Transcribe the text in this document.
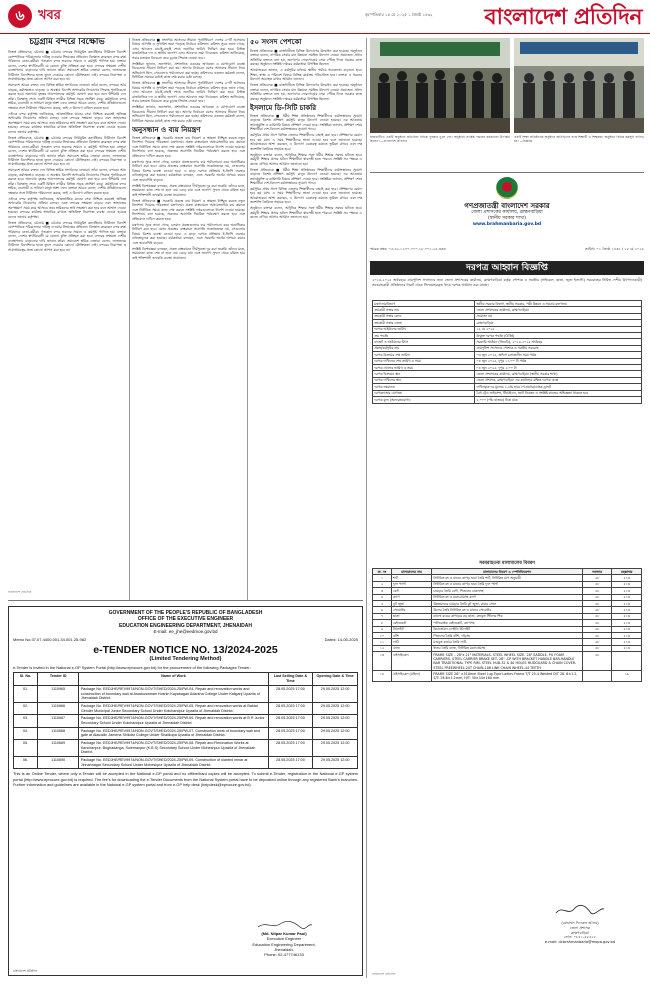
৬	খবর	বৃহস্পতিবার ১৫ মে ২০২৫ ১ জ্যৈষ্ঠ ১৪৩২ বাংলাদেশ প্রতিদিন
চট্টগ্রাম বন্দরে বিক্ষোভ

নিজস্ব প্রতিবেদক, চট্টগ্রাম ■ চট্টগ্রাম বন্দরের নিউমুরিং কনটেইনার টার্মিনাল বিদেশি কোম্পানিকে পরিচালনার দায়িত্ব দেওয়ার সিদ্ধান্তের প্রতিবাদে বিক্ষোভ করেছেন বন্দর রক্ষা পরিষদের নেতা-কর্মীরা। গতকাল বন্দর ভবনের সামনে এ কর্মসূচি পালিত হয়। বক্তারা বলেন, দেশের স্বার্থবিরোধী যে কোনো চুক্তি প্রতিহত করা হবে। বন্দরের সক্ষমতা দেশীয় ব্যবস্থাপনায় বাড়ানোর দাবি জানান তাঁরা। সমাবেশে শ্রমিক নেতারা বলেন, লাভজনক টার্মিনাল বিদেশিদের হাতে তুলে দেওয়ার কোনো যৌক্তিকতা নেই। বন্দরের নিরাপত্তা ও সার্বভৌমত্বের প্রশ্নে কোনো আপস করা হবে না।

সমাবেশে আরও বক্তব্য দেন বিভিন্ন শ্রমিক সংগঠনের নেতারা। তাঁরা বলেন, বন্দরের আয় বাড়ছে, কর্মদক্ষতাও বাড়ছে। এ অবস্থায় বিদেশি অপারেটর নিয়োগের সিদ্ধান্ত পুনর্বিবেচনা করতে হবে। অন্যথায় বৃহত্তর আন্দোলনের কর্মসূচি ঘোষণা করা হবে বলে হুঁশিয়ারি দেন তাঁরা। বিক্ষোভ শেষে একটি মিছিল নগরীর বিভিন্ন সড়ক প্রদক্ষিণ করে। কর্মসূচিতে বন্দর শ্রমিক, ব্যবসায়ী ও সাধারণ মানুষ অংশ নেন। বক্তারা আরও বলেন, দেশীয় প্রতিষ্ঠানগুলো দক্ষতার সঙ্গে টার্মিনাল পরিচালনা করছে, তাই এ উদ্যোগ বাতিল করতে হবে।

এদিকে বন্দর কর্তৃপক্ষ জানিয়েছে, আন্তর্জাতিক মানের সেবা নিশ্চিত করতেই অভিজ্ঞ অপারেটর নিয়োগের প্রক্রিয়া চলছে। এতে বন্দরের সক্ষমতা বাড়বে এবং জাহাজের অপেক্ষমাণ সময় কমে আসবে। তবে শ্রমিকদের স্বার্থ সংরক্ষণ করা হবে বলে আশ্বাস দেওয়া হয়েছে। বন্দরের কার্যক্রম স্বাভাবিক রাখতে অতিরিক্ত নিরাপত্তা ব্যবস্থা নেওয়া হয়েছে বলেও জানায় কর্তৃপক্ষ।

নিজস্ব প্রতিবেদক, চট্টগ্রাম ■ চট্টগ্রাম বন্দরের নিউমুরিং কনটেইনার টার্মিনাল বিদেশি কোম্পানিকে পরিচালনার দায়িত্ব দেওয়ার সিদ্ধান্তের প্রতিবাদে বিক্ষোভ করেছেন বন্দর রক্ষা পরিষদের নেতা-কর্মীরা। গতকাল বন্দর ভবনের সামনে এ কর্মসূচি পালিত হয়। বক্তারা বলেন, দেশের স্বার্থবিরোধী যে কোনো চুক্তি প্রতিহত করা হবে। বন্দরের সক্ষমতা দেশীয় ব্যবস্থাপনায় বাড়ানোর দাবি জানান তাঁরা। সমাবেশে শ্রমিক নেতারা বলেন, লাভজনক টার্মিনাল বিদেশিদের হাতে তুলে দেওয়ার কোনো যৌক্তিকতা নেই। বন্দরের নিরাপত্তা ও সার্বভৌমত্বের প্রশ্নে কোনো আপস করা হবে না।

সমাবেশে আরও বক্তব্য দেন বিভিন্ন শ্রমিক সংগঠনের নেতারা। তাঁরা বলেন, বন্দরের আয় বাড়ছে, কর্মদক্ষতাও বাড়ছে। এ অবস্থায় বিদেশি অপারেটর নিয়োগের সিদ্ধান্ত পুনর্বিবেচনা করতে হবে। অন্যথায় বৃহত্তর আন্দোলনের কর্মসূচি ঘোষণা করা হবে বলে হুঁশিয়ারি দেন তাঁরা। বিক্ষোভ শেষে একটি মিছিল নগরীর বিভিন্ন সড়ক প্রদক্ষিণ করে। কর্মসূচিতে বন্দর শ্রমিক, ব্যবসায়ী ও সাধারণ মানুষ অংশ নেন। বক্তারা আরও বলেন, দেশীয় প্রতিষ্ঠানগুলো দক্ষতার সঙ্গে টার্মিনাল পরিচালনা করছে, তাই এ উদ্যোগ বাতিল করতে হবে।

এদিকে বন্দর কর্তৃপক্ষ জানিয়েছে, আন্তর্জাতিক মানের সেবা নিশ্চিত করতেই অভিজ্ঞ অপারেটর নিয়োগের প্রক্রিয়া চলছে। এতে বন্দরের সক্ষমতা বাড়বে এবং জাহাজের অপেক্ষমাণ সময় কমে আসবে। তবে শ্রমিকদের স্বার্থ সংরক্ষণ করা হবে বলে আশ্বাস দেওয়া হয়েছে। বন্দরের কার্যক্রম স্বাভাবিক রাখতে অতিরিক্ত নিরাপত্তা ব্যবস্থা নেওয়া হয়েছে বলেও জানায় কর্তৃপক্ষ।

নিজস্ব প্রতিবেদক, চট্টগ্রাম ■ চট্টগ্রাম বন্দরের নিউমুরিং কনটেইনার টার্মিনাল বিদেশি কোম্পানিকে পরিচালনার দায়িত্ব দেওয়ার সিদ্ধান্তের প্রতিবাদে বিক্ষোভ করেছেন বন্দর রক্ষা পরিষদের নেতা-কর্মীরা। গতকাল বন্দর ভবনের সামনে এ কর্মসূচি পালিত হয়। বক্তারা বলেন, দেশের স্বার্থবিরোধী যে কোনো চুক্তি প্রতিহত করা হবে। বন্দরের সক্ষমতা দেশীয় ব্যবস্থাপনায় বাড়ানোর দাবি জানান তাঁরা। সমাবেশে শ্রমিক নেতারা বলেন, লাভজনক টার্মিনাল বিদেশিদের হাতে তুলে দেওয়ার কোনো যৌক্তিকতা নেই। বন্দরের নিরাপত্তা ও সার্বভৌমত্বের প্রশ্নে কোনো আপস করা হবে না।

নিজস্ব প্রতিবেদক ■ সংসদীয় আসনের সীমানা পুনর্নির্ধারণে দেশের ৫০টি আসনের বিষয়ে আপত্তি ও সুপারিশ জমা পড়েছে নির্বাচন কমিশনে। কমিশন সূত্রে জানা গেছে, এসব আবেদন যাচাই-বাছাই শেষে শুনানির তারিখ নির্ধারণ করা হবে। বিভিন্ন রাজনৈতিক দল ও স্থানীয় জনগণ এসব আবেদন জমা দিয়েছেন। কমিশন জানিয়েছে, সবার মতামত বিবেচনা করে চূড়ান্ত সিদ্ধান্ত নেওয়া হবে।

সংশ্লিষ্টরা জানান, জনসংখ্যা, প্রশাসনিক এককের অখণ্ডতা ও যোগাযোগ ব্যবস্থা বিবেচনায় সীমানা নির্ধারণ করা হয়। আগের নির্বাচনে যেসব আসনের সীমানা নিয়ে অভিযোগ ছিল, সেগুলোও পর্যালোচনা করা হচ্ছে। কমিশনের একজন কর্মকর্তা বলেন, নির্ধারিত সময়ের মধ্যেই কাজ শেষ করার চেষ্টা চলছে।

নিজস্ব প্রতিবেদক ■ সংসদীয় আসনের সীমানা পুনর্নির্ধারণে দেশের ৫০টি আসনের বিষয়ে আপত্তি ও সুপারিশ জমা পড়েছে নির্বাচন কমিশনে। কমিশন সূত্রে জানা গেছে, এসব আবেদন যাচাই-বাছাই শেষে শুনানির তারিখ নির্ধারণ করা হবে। বিভিন্ন রাজনৈতিক দল ও স্থানীয় জনগণ এসব আবেদন জমা দিয়েছেন। কমিশন জানিয়েছে, সবার মতামত বিবেচনা করে চূড়ান্ত সিদ্ধান্ত নেওয়া হবে।

সংশ্লিষ্টরা জানান, জনসংখ্যা, প্রশাসনিক এককের অখণ্ডতা ও যোগাযোগ ব্যবস্থা বিবেচনায় সীমানা নির্ধারণ করা হয়। আগের নির্বাচনে যেসব আসনের সীমানা নিয়ে অভিযোগ ছিল, সেগুলোও পর্যালোচনা করা হচ্ছে। কমিশনের একজন কর্মকর্তা বলেন, নির্ধারিত সময়ের মধ্যেই কাজ শেষ করার চেষ্টা চলছে।

অনুসন্ধান ও ব্যয় নিয়ন্ত্রণ

নিজস্ব প্রতিবেদক ■ সরকারি প্রকল্পে ব্যয় নিয়ন্ত্রণ ও স্বচ্ছতা নিশ্চিত করতে নতুন নির্দেশনা দিয়েছে পরিকল্পনা মন্ত্রণালয়। প্রকল্প বাস্তবায়নে অপ্রয়োজনীয় ব্যয় কমাতে এবং নির্ধারিত সময়ে কাজ শেষ করতে সংশ্লিষ্ট দপ্তরগুলোকে নির্দেশ দেওয়া হয়েছে। নির্দেশনায় বলা হয়েছে, প্রকল্পের অগ্রগতি নিয়মিত পর্যবেক্ষণ করতে হবে এবং প্রতিবেদন দাখিল করতে হবে।

মন্ত্রণালয় সূত্রে জানা গেছে, চলমান প্রকল্পগুলোর ব্যয় পর্যালোচনা করে অগ্রাধিকার নির্ধারণ করা হবে। যেসব প্রকল্পের বাস্তবায়ন অগ্রগতি সন্তোষজনক নয়, সেগুলোর বিষয়ে বিশেষ ব্যবস্থা নেওয়া হবে। এ ছাড়া দরপত্র প্রক্রিয়ায় ই-জিপি ব্যবহার বাধ্যতামূলক করা হয়েছে। কর্মকর্তারা বলছেন, এতে সরকারি অর্থের অপচয় কমবে এবং জবাবদিহি বাড়বে।

সংশ্লিষ্ট বিশেষজ্ঞরা বলছেন, প্রকল্প বাস্তবায়নে দীর্ঘসূত্রতা দূর করা জরুরি। তাঁদের মতে, সময়মতো কাজ শেষ না হলে ব্যয় বেড়ে যায় এবং জনগণ সুফল থেকে বঞ্চিত হয়। তাই শক্তিশালী তদারকি ব্যবস্থা প্রয়োজন।

নিজস্ব প্রতিবেদক ■ সরকারি প্রকল্পে ব্যয় নিয়ন্ত্রণ ও স্বচ্ছতা নিশ্চিত করতে নতুন নির্দেশনা দিয়েছে পরিকল্পনা মন্ত্রণালয়। প্রকল্প বাস্তবায়নে অপ্রয়োজনীয় ব্যয় কমাতে এবং নির্ধারিত সময়ে কাজ শেষ করতে সংশ্লিষ্ট দপ্তরগুলোকে নির্দেশ দেওয়া হয়েছে। নির্দেশনায় বলা হয়েছে, প্রকল্পের অগ্রগতি নিয়মিত পর্যবেক্ষণ করতে হবে এবং প্রতিবেদন দাখিল করতে হবে।

মন্ত্রণালয় সূত্রে জানা গেছে, চলমান প্রকল্পগুলোর ব্যয় পর্যালোচনা করে অগ্রাধিকার নির্ধারণ করা হবে। যেসব প্রকল্পের বাস্তবায়ন অগ্রগতি সন্তোষজনক নয়, সেগুলোর বিষয়ে বিশেষ ব্যবস্থা নেওয়া হবে। এ ছাড়া দরপত্র প্রক্রিয়ায় ই-জিপি ব্যবহার বাধ্যতামূলক করা হয়েছে। কর্মকর্তারা বলছেন, এতে সরকারি অর্থের অপচয় কমবে এবং জবাবদিহি বাড়বে।

সংশ্লিষ্ট বিশেষজ্ঞরা বলছেন, প্রকল্প বাস্তবায়নে দীর্ঘসূত্রতা দূর করা জরুরি। তাঁদের মতে, সময়মতো কাজ শেষ না হলে ব্যয় বেড়ে যায় এবং জনগণ সুফল থেকে বঞ্চিত হয়। তাই শক্তিশালী তদারকি ব্যবস্থা প্রয়োজন।

৫০ সংসদ পেশকো

নিজস্ব প্রতিবেদক ■ রাজধানীতে বিভিন্ন উদ্যোগের উদ্বোধন করা হয়েছে। অনুষ্ঠানে বক্তারা বলেন, নাগরিক সেবার মান উন্নয়নে সমন্বিত উদ্যোগ নেওয়া প্রয়োজন। প্রধান অতিথির বক্তব্যে বলা হয়, জনগণের দোরগোড়ায় সেবা পৌঁছে দিতে সরকার কাজ করছে। অনুষ্ঠানে সংশ্লিষ্ট দপ্তরের কর্মকর্তারা উপস্থিত ছিলেন।

আয়োজকরা জানান, এ কর্মসূচির মাধ্যমে স্থানীয় পর্যায়ে সচেতনতা বাড়ানো হবে। শিক্ষা, স্বাস্থ্য ও পরিবেশ বিষয়ে বিভিন্ন কার্যক্রম পরিচালিত হবে। বক্তারা এ ধরনের উদ্যোগ অব্যাহত রাখার আহ্বান জানান।

নিজস্ব প্রতিবেদক ■ রাজধানীতে বিভিন্ন উদ্যোগের উদ্বোধন করা হয়েছে। অনুষ্ঠানে বক্তারা বলেন, নাগরিক সেবার মান উন্নয়নে সমন্বিত উদ্যোগ নেওয়া প্রয়োজন। প্রধান অতিথির বক্তব্যে বলা হয়, জনগণের দোরগোড়ায় সেবা পৌঁছে দিতে সরকার কাজ করছে। অনুষ্ঠানে সংশ্লিষ্ট দপ্তরের কর্মকর্তারা উপস্থিত ছিলেন।

ইসলামে ডি-সিটি চাকরি

নিজস্ব প্রতিবেদক ■ ধর্মীয় শিক্ষা প্রতিষ্ঠানের শিক্ষার্থীদের কর্মসংস্থানের সুযোগ বাড়াতে বিশেষ প্রশিক্ষণ কর্মসূচি চালুর উদ্যোগ নেওয়া হয়েছে। এর আওতায় তথ্যপ্রযুক্তি ও কারিগরি বিষয়ে প্রশিক্ষণ দেওয়া হবে। সংশ্লিষ্টরা জানান, প্রশিক্ষণ শেষে শিক্ষার্থীরা দেশ-বিদেশে কর্মসংস্থানের সুযোগ পাবে।

কর্মসূচির প্রথম ধাপে বিভিন্ন জেলার শিক্ষার্থীদের বাছাই করা হবে। প্রশিক্ষণের মেয়াদ হবে ছয় মাস। এ সময় শিক্ষার্থীদের ভাতা দেওয়া হবে বলে জানানো হয়েছে। আয়োজকরা আশা করছেন, এ উদ্যোগ বেকারত্ব কমাতে ভূমিকা রাখবে এবং দক্ষ জনশক্তি তৈরিতে সহায়ক হবে।

অনুষ্ঠানে বক্তারা বলেন, আধুনিক শিক্ষার সঙ্গে ধর্মীয় শিক্ষার সমন্বয় ঘটাতে হবে। কর্মমুখী শিক্ষার প্রসার ঘটলে শিক্ষার্থীরা স্বাবলম্বী হতে পারবে। সংশ্লিষ্ট সব পক্ষকে এ কাজে এগিয়ে আসার আহ্বান জানানো হয়।

নিজস্ব প্রতিবেদক ■ ধর্মীয় শিক্ষা প্রতিষ্ঠানের শিক্ষার্থীদের কর্মসংস্থানের সুযোগ বাড়াতে বিশেষ প্রশিক্ষণ কর্মসূচি চালুর উদ্যোগ নেওয়া হয়েছে। এর আওতায় তথ্যপ্রযুক্তি ও কারিগরি বিষয়ে প্রশিক্ষণ দেওয়া হবে। সংশ্লিষ্টরা জানান, প্রশিক্ষণ শেষে শিক্ষার্থীরা দেশ-বিদেশে কর্মসংস্থানের সুযোগ পাবে।

কর্মসূচির প্রথম ধাপে বিভিন্ন জেলার শিক্ষার্থীদের বাছাই করা হবে। প্রশিক্ষণের মেয়াদ হবে ছয় মাস। এ সময় শিক্ষার্থীদের ভাতা দেওয়া হবে বলে জানানো হয়েছে। আয়োজকরা আশা করছেন, এ উদ্যোগ বেকারত্ব কমাতে ভূমিকা রাখবে এবং দক্ষ জনশক্তি তৈরিতে সহায়ক হবে।

অনুষ্ঠানে বক্তারা বলেন, আধুনিক শিক্ষার সঙ্গে ধর্মীয় শিক্ষার সমন্বয় ঘটাতে হবে। কর্মমুখী শিক্ষার প্রসার ঘটলে শিক্ষার্থীরা স্বাবলম্বী হতে পারবে। সংশ্লিষ্ট সব পক্ষকে এ কাজে এগিয়ে আসার আহ্বান জানানো হয়।

রাজধানীতে একটি অনুষ্ঠানে অতিথিরা বিভিন্ন পুরস্কার তুলে দেন। অনুষ্ঠানে সংশ্লিষ্ট দপ্তরের কর্মকর্তারা উপস্থিত ছিলেন। —বাংলাদেশ প্রতিদিন
একটি শিক্ষা প্রতিষ্ঠানের অনুষ্ঠানে অতিথিদের সঙ্গে শিক্ষার্থী ও শিক্ষকরা। অনুষ্ঠানে বিভিন্ন কর্মসূচি পালিত হয়। —বিজ্ঞপ্তি
গণপ্রজাতন্ত্রী বাংলাদেশ সরকার
জেলা প্রশাসকের কার্যালয়, ব্রাহ্মণবাড়িয়া
(স্থানীয় সরকার শাখা)
www.brahmanbaria.gov.bd
স্মারক নম্বর: ০৫.৪২.১২০০.০০০.১৮.০০২.২৫-৩৩৩	তারিখ: ০১ জ্যৈষ্ঠ ১৪৩২ / ১৫ মে ২০২৫
দরপত্র আহ্বান বিজ্ঞপ্তি
২০২৪-২০২৫ অর্থবছরে গ্রামপুলিশ সদস্যদের জন্য জেলা প্রশাসকের কার্যালয়, ব্রাহ্মণবাড়িয়া কর্তৃক পোশাক ও সরঞ্জাম (সাইকেল, ছাতা, জুতা ইত্যাদি) সরবরাহের নিমিত্ত দেশীয় উৎপাদনকারী/সরবরাহকারী প্রতিষ্ঠানের নিকট থেকে সিলমোহরকৃত খামে দরপত্র আহ্বান করা যাচ্ছে।
মন্ত্রণালয়/বিভাগ	স্থানীয় সরকার বিভাগ, স্থানীয় সরকার, পল্লী উন্নয়ন ও সমবায় মন্ত্রণালয়
ক্রয়কারী সত্তার নাম	জেলা প্রশাসকের কার্যালয়, ব্রাহ্মণবাড়িয়া
ক্রয়কারী সত্তার কোড	প্রযোজ্য নয়
ক্রয়কারী সত্তার জেলা	ব্রাহ্মণবাড়িয়া
দরপত্র আহ্বানের তারিখ	১৫ মে ২০২৫
ক্রয় পদ্ধতি	উন্মুক্ত দরপত্র পদ্ধতি (OTM)
বাজেট ও অর্থায়নের উৎস	সরকারি অর্থায়ন (জিওবি), ২০২৪-২০২৫ অর্থবছর
প্রকল্প/কর্মসূচির নাম	গ্রামপুলিশ সদস্যদের পোশাক ও সরঞ্জাম সরবরাহ
দরপত্র বিক্রয়ের শেষ তারিখ	০৩ জুন ২০২৫, অফিস চলাকালীন সময় পর্যন্ত
দরপত্র দাখিলের শেষ তারিখ ও সময়	০৪ জুন ২০২৫, দুপুর ১২:০০ টা পর্যন্ত
দরপত্র খোলার তারিখ ও সময়	০৪ জুন ২০২৫, দুপুর ২:০০ টা
দরপত্র বিক্রয়ের স্থান	জেলা প্রশাসকের কার্যালয়, ব্রাহ্মণবাড়িয়া (স্থানীয় সরকার শাখা)
দরপত্র দাখিলের স্থান	জেলা প্রশাসক, ব্রাহ্মণবাড়িয়া এর কার্যালয়ে রক্ষিত দরপত্র বাক্সে
দরপত্র জামানত	দাখিলকৃত দর মূল্যের ২.৫% হারে পে-অর্ডার/ব্যাংক ড্রাফট
দরপত্রদাতার যোগ্যতা	বৈধ ট্রেড লাইসেন্স, টিআইএন, ভ্যাট নিবন্ধন ও সংশ্লিষ্ট কাজের অভিজ্ঞতা থাকতে হবে
দরপত্র মূল্য (অফেরতযোগ্য)	৫,০০০ (পাঁচ হাজার) টাকা মাত্র
সরবরাহতব্য মালামালের বিবরণ
ক্র. নং	মালামালের নাম	মালামালের বিবরণ ও স্পেসিফিকেশন	দফাদার	মহল্লাদার
১	শার্ট	নির্ধারিত রং ও মানের কাপড় দ্বারা তৈরি শার্ট, নির্ধারিত মাপ অনুযায়ী	৫৮	৫১৩
২	ফুল প্যান্ট	নির্ধারিত রং ও মানের কাপড় দ্বারা তৈরি ফুল প্যান্ট	৫৮	৫১৩
৩	বেল্ট	চামড়ার তৈরি বেল্ট, পিতলের বাকলসহ	৫৮	৫১৩
৪	ক্যাপ	নির্ধারিত রং ও মনোগ্রামসহ ক্যাপ	৫৮	৫১৩
৫	বুট জুতা	উন্নতমানের চামড়ার তৈরি বুট জুতা, রাবার সোল	৫৮	৫১৩
৬	সোয়েটার	উলের তৈরি নির্ধারিত রং ও মানের সোয়েটার	৫৮	৫১৩
৭	ছাতা	কালো রঙের কাপড়ের বড় ছাতা, মজবুত স্টিলের শিক	৫৮	৫১৩
৮	রেইনকোট	পানিরোধক রেইনকোট, ক্যাপসহ	৫৮	৫১৩
৯	টর্চলাইট	রিচার্জেবল এলইডি টর্চলাইট	৫৮	৫১৩
১০	বাঁশি	পিতলের তৈরি বাঁশি, দড়িসহ	৫৮	৫১৩
১১	লাঠি	মজবুত কাঠের তৈরি লাঠি	৫৮	৫১৩
১২	ব্যাজ	ধাতব তৈরি ব্যাজ, নির্ধারিত মনোগ্রামসহ	৫৮	৫১৩
১৩	বাইসাইকেল	FRAME SIZE – 28"x 21" MATERIALS- STEEL WHEEL SIZE- 28" SADDLE- PU FOAM CARRIERS- STEEL CARRIER BRAKE SET- 28" -CP WITH BRACKET HANDLE BAR-HANDLE BAR TRADITIONAL TYPE RIM- STEEL HUB-32 & 40 HOLES MUDGUARD & CHAIN COVER-STEEL FREEWHEEL-20T CHAIN-108 LINK CHAIN WHEEL-44 TEETH	৫৮	
১৪	বাইসাইকেল (মহিলা)	FRAME SIZE 26" ×510mm Steel Lug Type Ladies Frame T/T 25.4 Welded D/T 28. 6×1.2, S/T: 28.6×1.2mm, H/T: 30×34×160 mm		১৯
(মোহাম্মদ দিদারুল আলম)
জেলা প্রশাসক
ব্রাহ্মণবাড়িয়া
ফোন: ০৮৫১-৫৮৫২৫
e-mail: dcbrahmanbaria@mopa.gov.bd
বাংলাদেশ প্রতিদিন
GOVERNMENT OF THE PEOPLE'S REPUBLIC OF BANGLADESH
OFFICE OF THE EXECUTIVE ENGINEER
EDUCATION ENGINEERING DEPARTMENT, JHENAIDAH
E-mail: ee_jhe@eedmoe.gov.bd
Memo No:37.07.4400.001.34.001.25-982	Dated: 14-05-2025
e-TENDER NOTICE NO. 13/2024-2025
(Limited Tendering Method)
e-Tender is invited in the National e-GP System Portal (http://www.eprocure.gov.bd) for the procurement of the following Packages Tender:
Sl. No.	Tender ID	Name of Work	Last Selling Date & Time	Opening Date & Time
01.	1110965	Package No. EEDJHE/REV9974/NON-GOVT/SHED/2024-25/PW-04. Repair and renovation works and construction of boundary wall at Asaduzzaman Hosnin Kayabagan Adarsha College Under Kaliganj Upazila of Jhenaidah District.	28.05.2025 17:00	29.05.2025 12:00
02.	1110666	Package No. EEDJHE/REV9974/NON-GOVT/SHED/2024-25/PW-05. Repair and renovation works at Baktal Gender Municipal Junior Secondary School Under Kotchandpur Upazila of Jhenaidah District.	28.05.2025 17:00	29.05.2025 12:00
03.	1110667	Package No. EEDJHE/REV9974/NON-GOVT/SHED/2024-25/PW-06. Repair and renovation works at B R Junior Secondary School Under Kotchandpur Upazila of Jhenaidah District.	28.05.2025 17:00	29.05.2025 12:00
04.	1110668	Package No. EEDJHE/REV9974/NON-GOVT/SHED/2024-25/PW-07. Construction work of boundary wall and gate at Alauddin Jamena Shikdar College Under Shailkupa Upazila of Jhenaidah District.	28.05.2025 17:00	29.05.2025 12:00
05.	1110669	Package No. EEDJHE/REV9974/NON-GOVT/SHED/2024-25/PW-08. Repair and Renovation Works at Kanchanpur, Boghadanga, Solemanpur (K.B.S) Secondary School Under Moheshpur Upazila of Jhenaidah District.	28.05.2025 17:00	29.05.2025 12:00
06.	1110690	Package No. EEDJHE/REV9974/NON-GOVT/SHED/2024-25/PW-09. Construction of slanted minar at Jinnahnagar Secondary School Under Moheshpur Upazila of Jhenaidah District.	28.05.2025 17:00	29.05.2025 12:00
This is an Online Tender, where only e-Tender will be accepted in the National e-GP portal and no offline/hard copies will be accepted. To submit e-Tender, registration in the National e-GP system portal (http://www.eprocure.gov.bd) is required. The fee's for downloading the e-Tender Documents from the National System portal have to be deposited online through any registered Bank's branches. Further information and guidelines are available in the National e-GP system portal and from e-GP help desk (helpdesk@eprocure.gov.bd).
(Md. Nilpar Kumar Paul)
Executive Engineer
Education Engineering Department,
Jhenaidah.
Phone: 02-477746133
বাংলাদেশ প্রতিদিন
বাংলাদেশ প্রতিদিন
